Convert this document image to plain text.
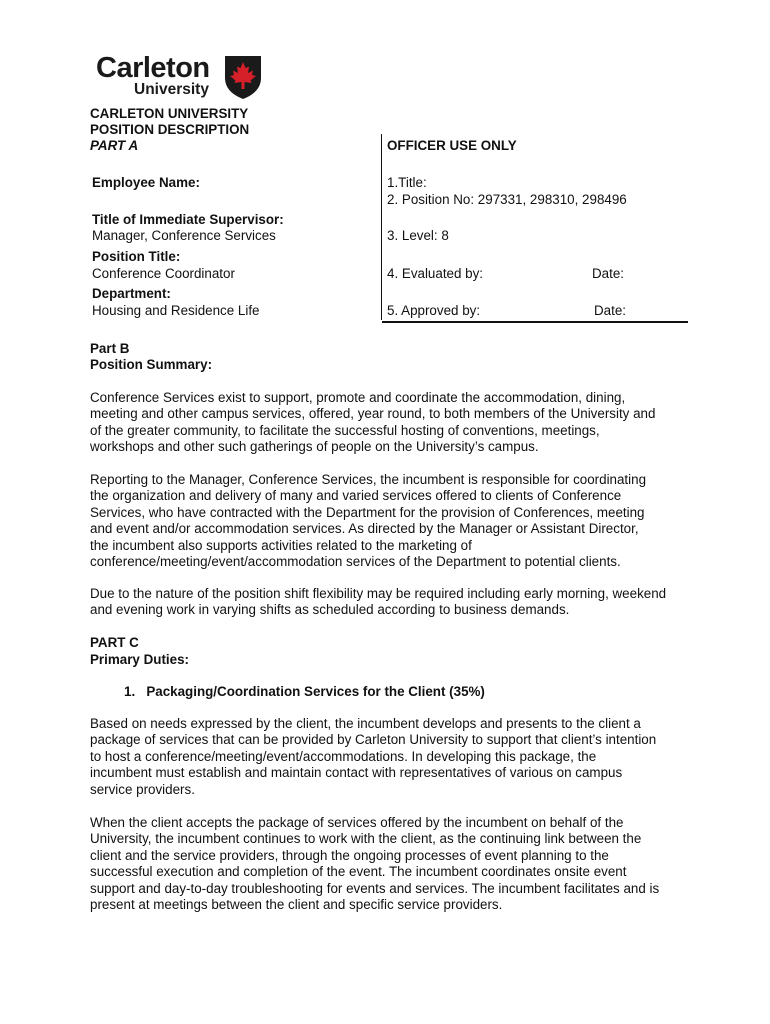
Carleton
University
CARLETON UNIVERSITY
POSITION DESCRIPTION
PART A
Employee Name:
Title of Immediate Supervisor:
Manager, Conference Services
Position Title:
Conference Coordinator
Department:
Housing and Residence Life
OFFICER USE ONLY
1.Title:
2. Position No: 297331, 298310, 298496
3. Level: 8
4. Evaluated by:	Date:
5. Approved by:	Date:
Part B
Position Summary:
Conference Services exist to support, promote and coordinate the accommodation, dining,
meeting and other campus services, offered, year round, to both members of the University and
of the greater community, to facilitate the successful hosting of conventions, meetings,
workshops and other such gatherings of people on the University’s campus.
Reporting to the Manager, Conference Services, the incumbent is responsible for coordinating
the organization and delivery of many and varied services offered to clients of Conference
Services, who have contracted with the Department for the provision of Conferences, meeting
and event and/or accommodation services. As directed by the Manager or Assistant Director,
the incumbent also supports activities related to the marketing of
conference/meeting/event/accommodation services of the Department to potential clients.
Due to the nature of the position shift flexibility may be required including early morning, weekend
and evening work in varying shifts as scheduled according to business demands.
PART C
Primary Duties:
1.   Packaging/Coordination Services for the Client (35%)
Based on needs expressed by the client, the incumbent develops and presents to the client a
package of services that can be provided by Carleton University to support that client’s intention
to host a conference/meeting/event/accommodations. In developing this package, the
incumbent must establish and maintain contact with representatives of various on campus
service providers.
When the client accepts the package of services offered by the incumbent on behalf of the
University, the incumbent continues to work with the client, as the continuing link between the
client and the service providers, through the ongoing processes of event planning to the
successful execution and completion of the event. The incumbent coordinates onsite event
support and day-to-day troubleshooting for events and services. The incumbent facilitates and is
present at meetings between the client and specific service providers.
